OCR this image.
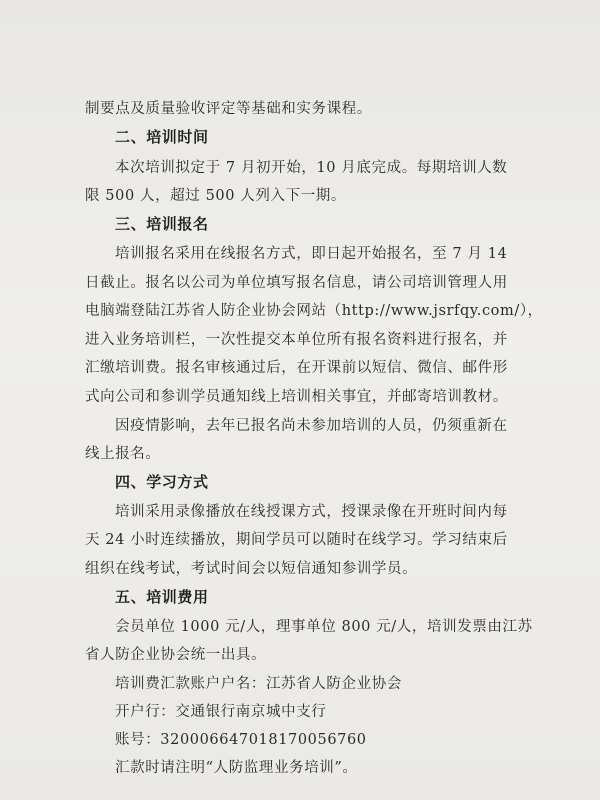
制要点及质量验收评定等基础和实务课程。
二、培训时间
本次培训拟定于 7 月初开始，10 月底完成。每期培训人数
限 500 人，超过 500 人列入下一期。
三、培训报名
培训报名采用在线报名方式，即日起开始报名，至 7 月 14
日截止。报名以公司为单位填写报名信息，请公司培训管理人用
电脑端登陆江苏省人防企业协会网站（http://www.jsrfqy.com/），
进入业务培训栏，一次性提交本单位所有报名资料进行报名，并
汇缴培训费。报名审核通过后，在开课前以短信、微信、邮件形
式向公司和参训学员通知线上培训相关事宜，并邮寄培训教材。
因疫情影响，去年已报名尚未参加培训的人员，仍须重新在
线上报名。
四、学习方式
培训采用录像播放在线授课方式，授课录像在开班时间内每
天 24 小时连续播放，期间学员可以随时在线学习。学习结束后
组织在线考试，考试时间会以短信通知参训学员。
五、培训费用
会员单位 1000 元/人，理事单位 800 元/人，培训发票由江苏
省人防企业协会统一出具。
培训费汇款账户户名：江苏省人防企业协会
开户行：交通银行南京城中支行
账号：32000664701817005676​0
汇款时请注明“人防监理业务培训”。
